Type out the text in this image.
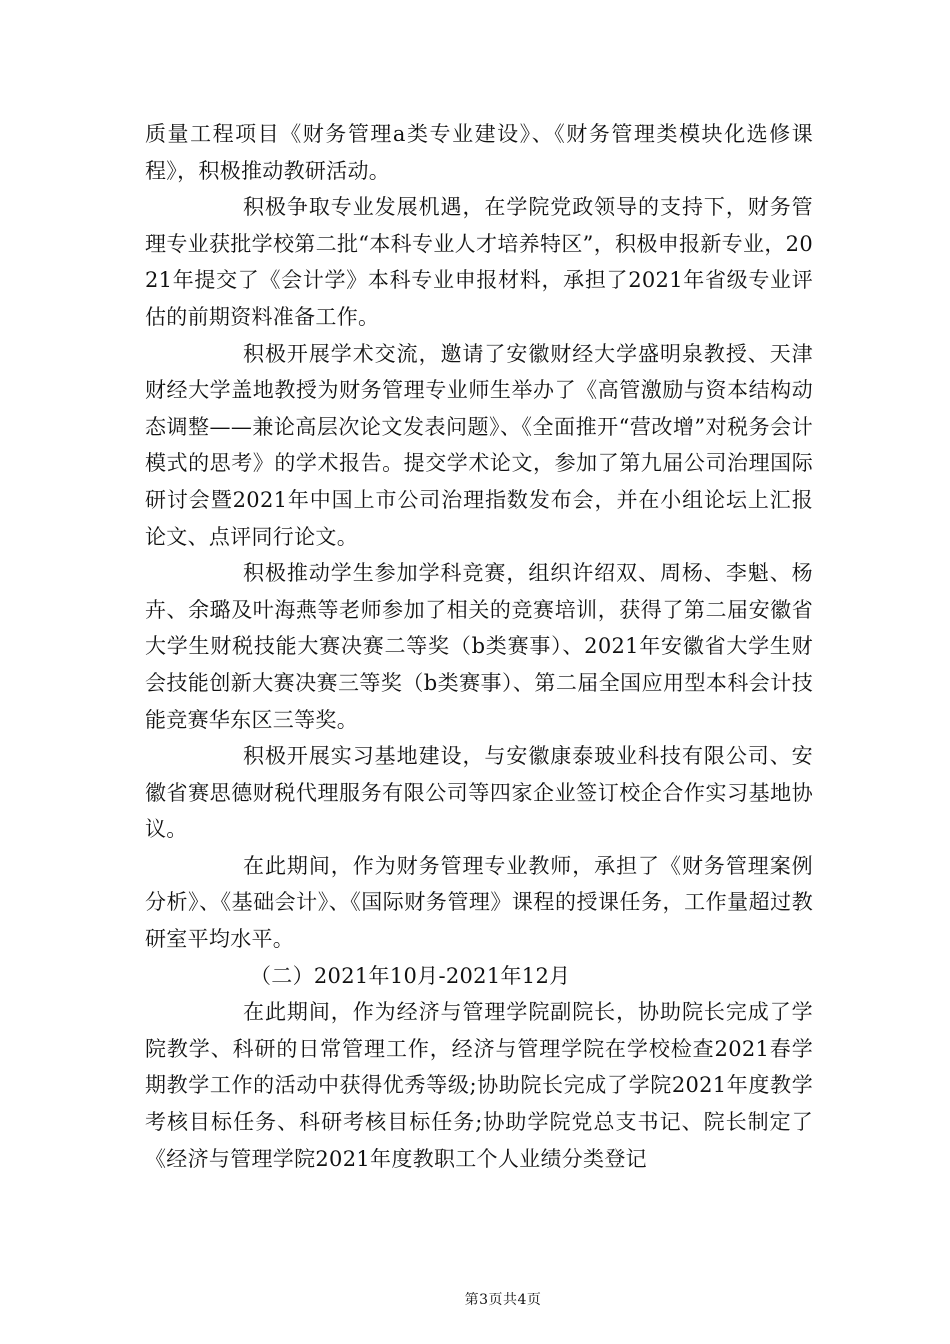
质量工程项目《财务管理a类专业建设》、《财务管理类模块化选修课程》，积极推动教研活动。

积极争取专业发展机遇，在学院党政领导的支持下，财务管理专业获批学校第二批“本科专业人才培养特区”，积极申报新专业，2021年提交了《会计学》本科专业申报材料，承担了2021年省级专业评估的前期资料准备工作。

积极开展学术交流，邀请了安徽财经大学盛明泉教授、天津财经大学盖地教授为财务管理专业师生举办了《高管激励与资本结构动态调整——兼论高层次论文发表问题》、《全面推开“营改增”对税务会计模式的思考》的学术报告。提交学术论文，参加了第九届公司治理国际研讨会暨2021年中国上市公司治理指数发布会，并在小组论坛上汇报论文、点评同行论文。

积极推动学生参加学科竞赛，组织许绍双、周杨、李魁、杨卉、余璐及叶海燕等老师参加了相关的竞赛培训，获得了第二届安徽省大学生财税技能大赛决赛二等奖（b类赛事）、2021年安徽省大学生财会技能创新大赛决赛三等奖（b类赛事）、第二届全国应用型本科会计技能竞赛华东区三等奖。

积极开展实习基地建设，与安徽康泰玻业科技有限公司、安徽省赛思德财税代理服务有限公司等四家企业签订校企合作实习基地协议。

在此期间，作为财务管理专业教师，承担了《财务管理案例分析》、《基础会计》、《国际财务管理》课程的授课任务，工作量超过教研室平均水平。

（二）2021年10月-2021年12月

在此期间，作为经济与管理学院副院长，协助院长完成了学院教学、科研的日常管理工作，经济与管理学院在学校检查2021春学期教学工作的活动中获得优秀等级;协助院长完成了学院2021年度教学考核目标任务、科研考核目标任务;协助学院党总支书记、院长制定了《经济与管理学院2021年度教职工个人业绩分类登记

第3页共4页
